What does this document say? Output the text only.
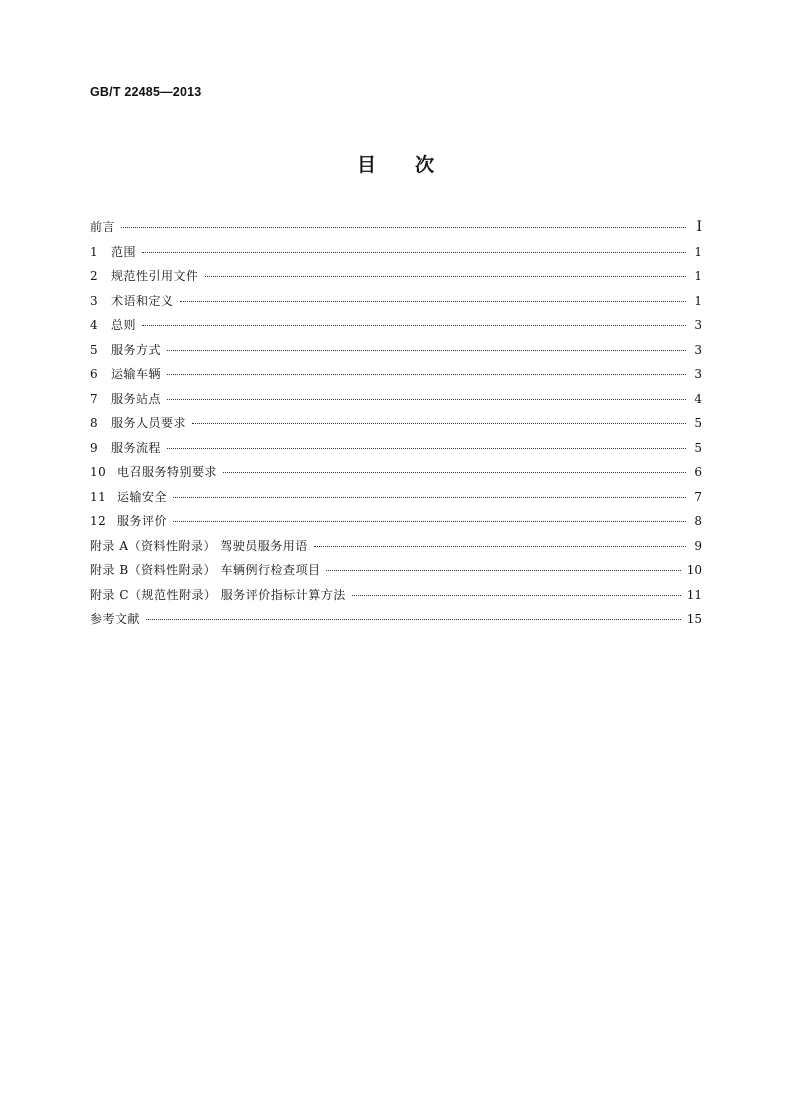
GB/T 22485—2013
目 次
前言	Ⅰ
1 范围	1
2 规范性引用文件	1
3 术语和定义	1
4 总则	3
5 服务方式	3
6 运输车辆	3
7 服务站点	4
8 服务人员要求	5
9 服务流程	5
10 电召服务特别要求	6
11 运输安全	7
12 服务评价	8
附录 A（资料性附录） 驾驶员服务用语	9
附录 B（资料性附录） 车辆例行检查项目	10
附录 C（规范性附录） 服务评价指标计算方法	11
参考文献	15
